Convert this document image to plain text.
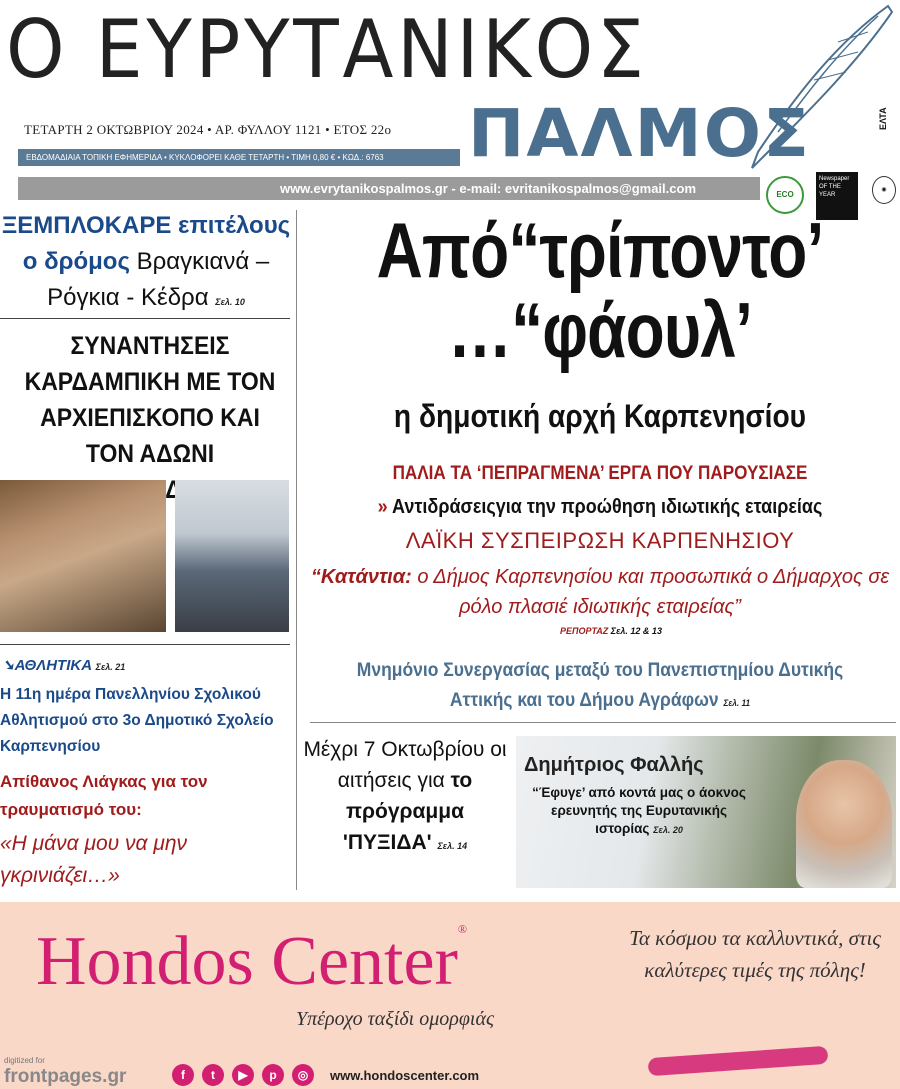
Ο ΕΥΡΥΤΑΝΙΚΟΣ
ΠΑΛΜΟΣ
ΤΕΤΑΡΤΗ 2 ΟΚΤΩΒΡΙΟΥ 2024 • ΑΡ. ΦΥΛΛΟΥ 1121 • ΕΤΟΣ 22ο
ΕΒΔΟΜΑΔΙΑΙΑ ΤΟΠΙΚΗ ΕΦΗΜΕΡΙΔΑ • ΚΥΚΛΟΦΟΡΕΙ ΚΑΘΕ ΤΕΤΑΡΤΗ • ΤΙΜΗ 0,80 € • ΚΩΔ.: 6763
www.evrytanikospalmos.gr - e-mail: evritanikospalmos@gmail.com
ΕΛΤΑ
ECO
Newspaper OF THE YEAR
◉
ΞΕΜΠΛΟΚΑΡΕ επιτέλους ο δρόμος Βραγκιανά – Ρόγκια - Κέδρα Σελ. 10
ΣΥΝΑΝΤΗΣΕΙΣ ΚΑΡΔΑΜΠΙΚΗ ΜΕ ΤΟΝ ΑΡΧΙΕΠΙΣΚΟΠΟ ΚΑΙ ΤΟΝ ΑΔΩΝΙ
➘ΑΘΛΗΤΙΚΑ Σελ. 21
Η 11η ημέρα Πανελληνίου Σχολικού Αθλητισμού στο 3ο Δημοτικό Σχολείο Καρπενησίου
Απίθανος Λιάγκας για τον τραυματισμό του:
«Η μάνα μου να μην γκρινιάζει…»
Από“τρίποντο’
…“φάουλ’
η δημοτική αρχή Καρπενησίου
ΠΑΛΙΑ ΤΑ ‘ΠΕΠΡΑΓΜΕΝΑ’ ΕΡΓΑ ΠΟΥ ΠΑΡΟΥΣΙΑΣΕ
» Αντιδράσειςγια την προώθηση ιδιωτικής εταιρείας
ΛΑΪΚΗ ΣΥΣΠΕΙΡΩΣΗ ΚΑΡΠΕΝΗΣΙΟΥ
“Κατάντια: ο Δήμος Καρπενησίου και προσωπικά ο Δήμαρχος σε ρόλο πλασιέ ιδιωτικής εταιρείας”
ΡΕΠΟΡΤΑΖ Σελ. 12 & 13
Μνημόνιο Συνεργασίας μεταξύ του Πανεπιστημίου Δυτικής Αττικής και του Δήμου Αγράφων Σελ. 11
Μέχρι 7 Οκτωβρίου οι αιτήσεις για το πρόγραμμα 'ΠΥΞΙΔΑ' Σελ. 14
Δημήτριος Φαλλής
“Έφυγε’ από κοντά μας ο άοκνος ερευνητής της Ευρυτανικής ιστορίας Σελ. 20
Hondos Center®
Υπέροχο ταξίδι ομορφιάς
Τα κόσμου τα καλλυντικά, στις καλύτερες τιμές της πόλης!
f	t	▶	p	◎	www.hondoscenter.com
digitized for
frontpages.gr
